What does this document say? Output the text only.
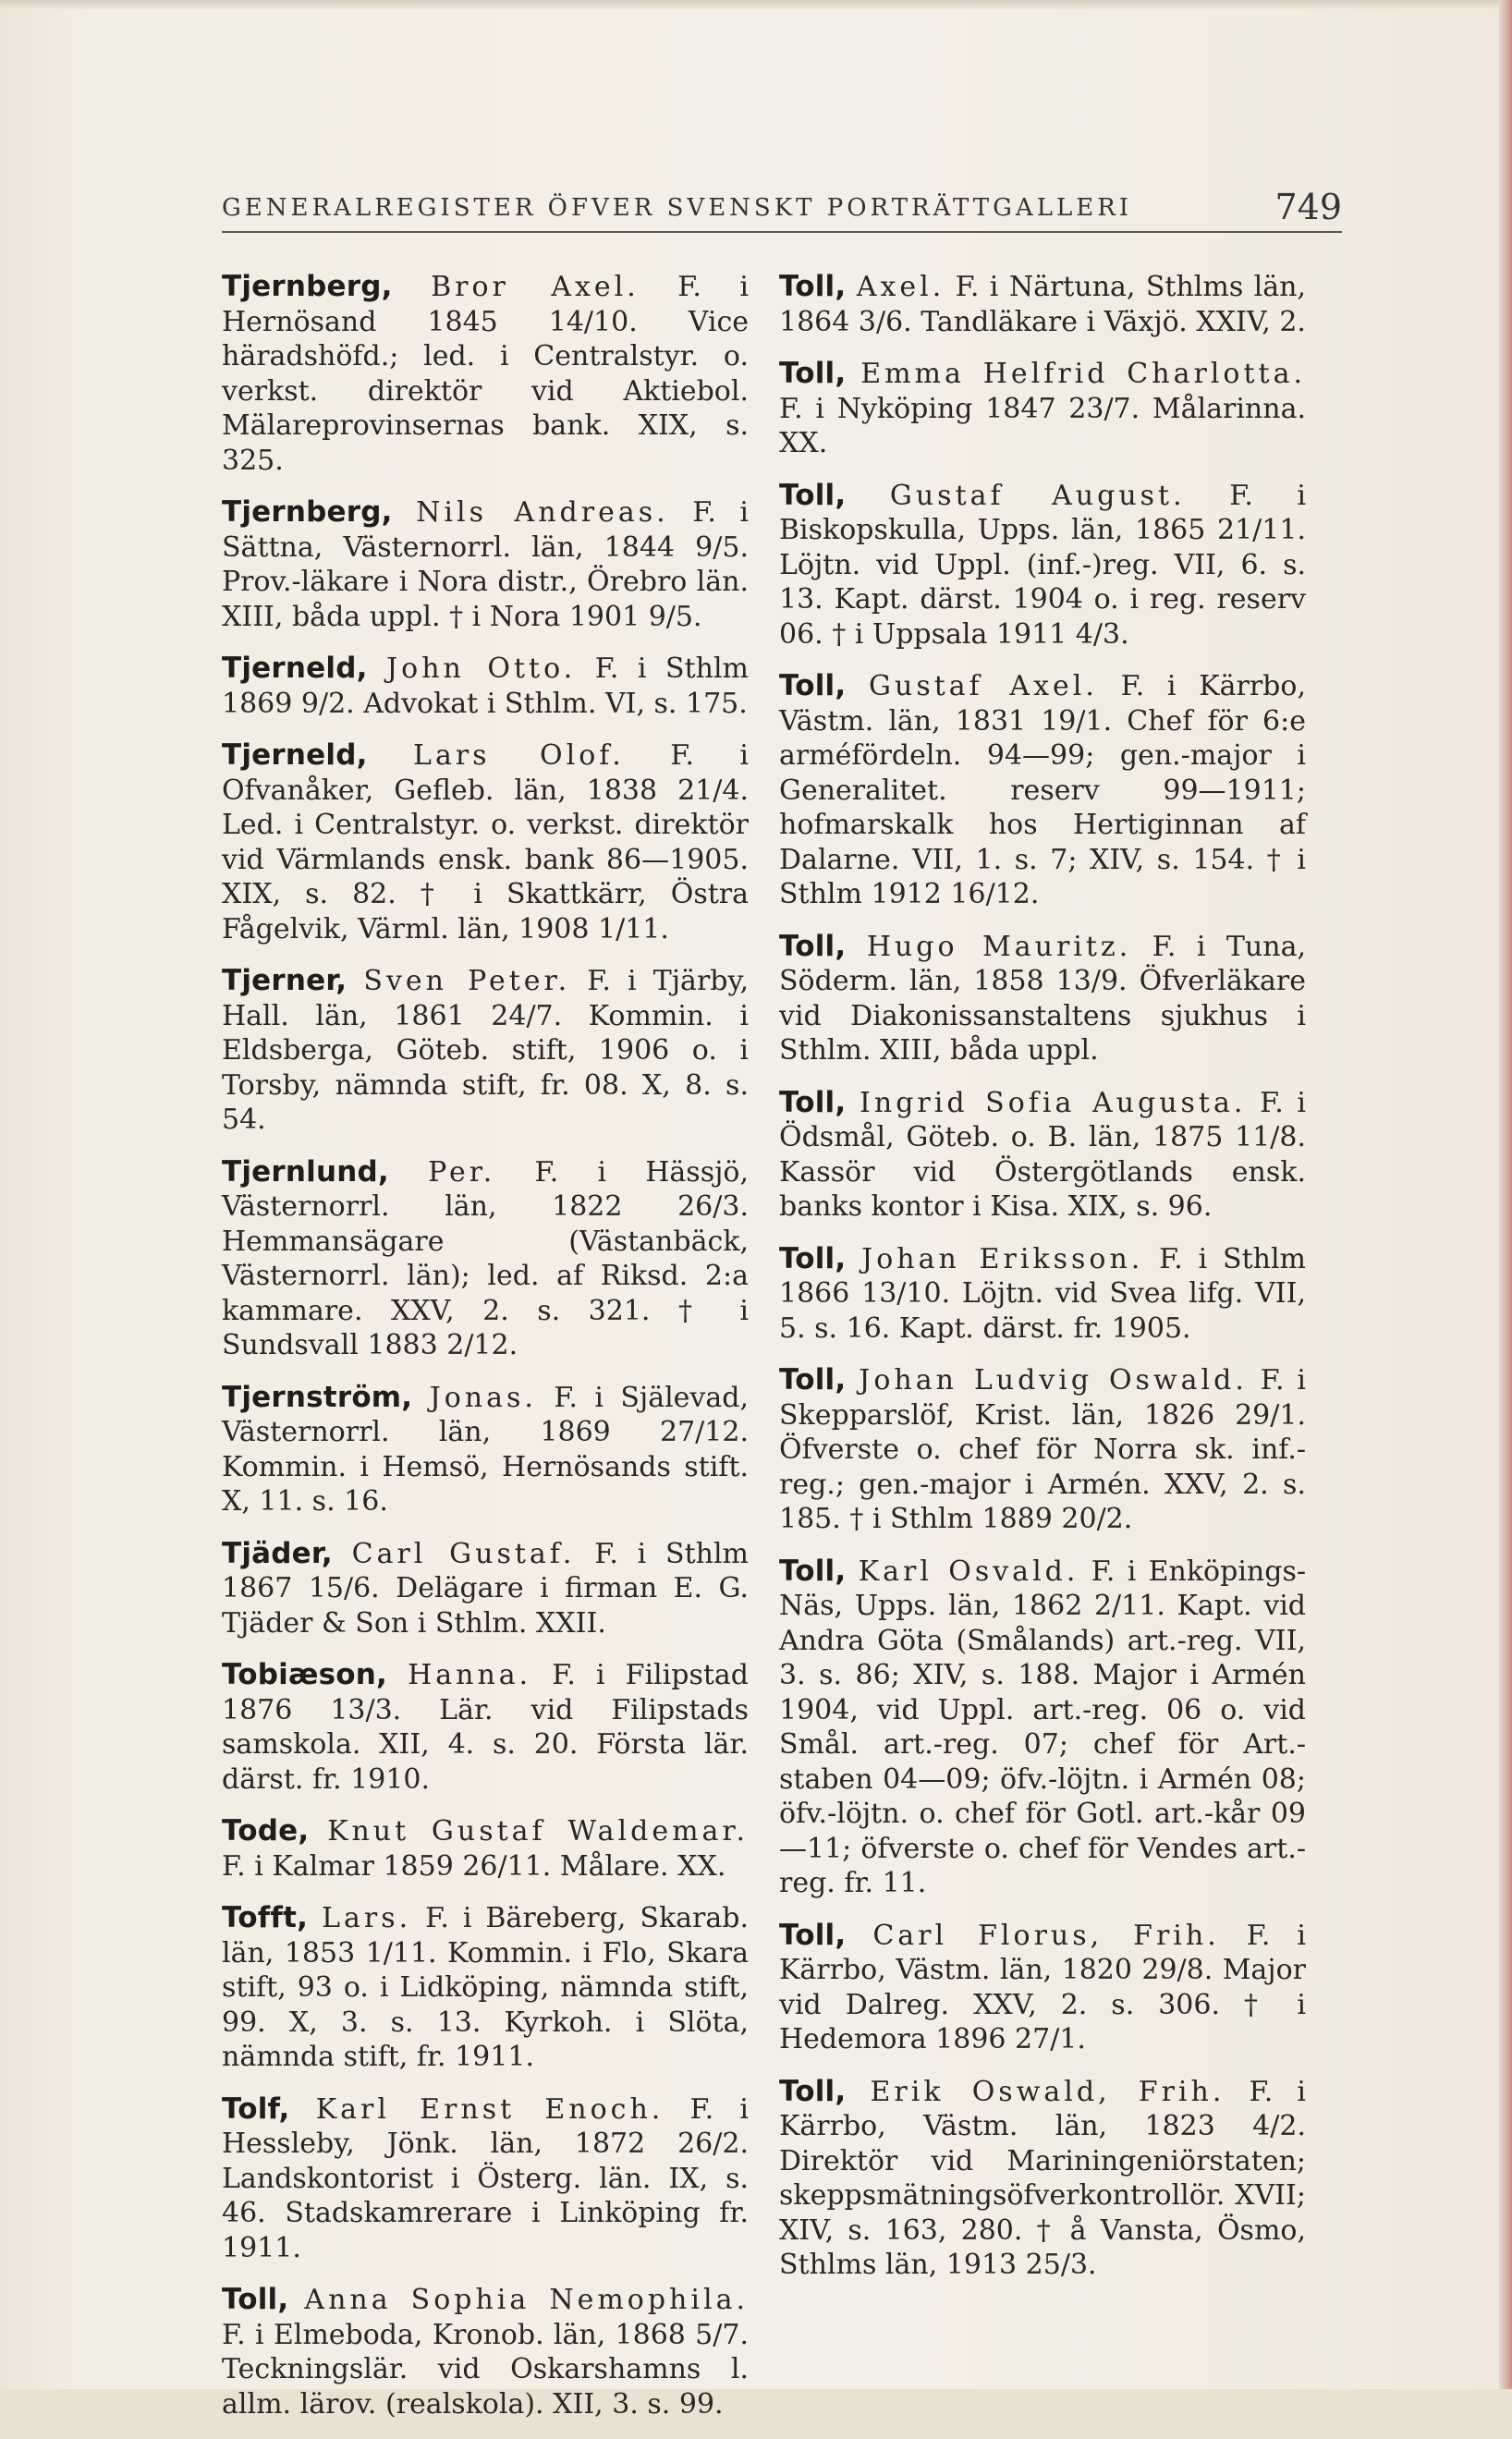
GENERALREGISTER ÖFVER SVENSKT PORTRÄTTGALLERI	749

Tjernberg, Bror Axel. F. i Hernösand 1845 14/10. Vice häradshöfd.; led. i Centralstyr. o. verkst. direktör vid Aktiebol. Mälareprovinsernas bank. XIX, s. 325.

Tjernberg, Nils Andreas. F. i Sättna, Västernorrl. län, 1844 9/5. Prov.-läkare i Nora distr., Örebro län. XIII, båda uppl. † i Nora 1901 9/5.

Tjerneld, John Otto. F. i Sthlm 1869 9/2. Advokat i Sthlm. VI, s. 175.

Tjerneld, Lars Olof. F. i Ofvanåker, Gefleb. län, 1838 21/4. Led. i Centralstyr. o. verkst. direktör vid Värmlands ensk. bank 86—1905. XIX, s. 82. † i Skattkärr, Östra Fågelvik, Värml. län, 1908 1/11.

Tjerner, Sven Peter. F. i Tjärby, Hall. län, 1861 24/7. Kommin. i Eldsberga, Göteb. stift, 1906 o. i Torsby, nämnda stift, fr. 08. X, 8. s. 54.

Tjernlund, Per. F. i Hässjö, Västernorrl. län, 1822 26/3. Hemmansägare (Västanbäck, Västernorrl. län); led. af Riksd. 2:a kammare. XXV, 2. s. 321. † i Sundsvall 1883 2/12.

Tjernström, Jonas. F. i Själevad, Västernorrl. län, 1869 27/12. Kommin. i Hemsö, Hernösands stift. X, 11. s. 16.

Tjäder, Carl Gustaf. F. i Sthlm 1867 15/6. Delägare i firman E. G. Tjäder & Son i Sthlm. XXII.

Tobiæson, Hanna. F. i Filipstad 1876 13/3. Lär. vid Filipstads samskola. XII, 4. s. 20. Första lär. därst. fr. 1910.

Tode, Knut Gustaf Waldemar. F. i Kalmar 1859 26/11. Målare. XX.

Tofft, Lars. F. i Bäreberg, Skarab. län, 1853 1/11. Kommin. i Flo, Skara stift, 93 o. i Lidköping, nämnda stift, 99. X, 3. s. 13. Kyrkoh. i Slöta, nämnda stift, fr. 1911.

Tolf, Karl Ernst Enoch. F. i Hessleby, Jönk. län, 1872 26/2. Landskontorist i Österg. län. IX, s. 46. Stadskamrerare i Linköping fr. 1911.

Toll, Anna Sophia Nemophila. F. i Elmeboda, Kronob. län, 1868 5/7. Teckningslär. vid Oskarshamns l. allm. lärov. (realskola). XII, 3. s. 99.

Toll, Axel. F. i Närtuna, Sthlms län, 1864 3/6. Tandläkare i Växjö. XXIV, 2.

Toll, Emma Helfrid Charlotta. F. i Nyköping 1847 23/7. Målarinna. XX.

Toll, Gustaf August. F. i Biskopskulla, Upps. län, 1865 21/11. Löjtn. vid Uppl. (inf.-)reg. VII, 6. s. 13. Kapt. därst. 1904 o. i reg. reserv 06. † i Uppsala 1911 4/3.

Toll, Gustaf Axel. F. i Kärrbo, Västm. län, 1831 19/1. Chef för 6:e arméfördeln. 94—99; gen.-major i Generalitet. reserv 99—1911; hofmarskalk hos Hertiginnan af Dalarne. VII, 1. s. 7; XIV, s. 154. † i Sthlm 1912 16/12.

Toll, Hugo Mauritz. F. i Tuna, Söderm. län, 1858 13/9. Öfverläkare vid Diakonissanstaltens sjukhus i Sthlm. XIII, båda uppl.

Toll, Ingrid Sofia Augusta. F. i Ödsmål, Göteb. o. B. län, 1875 11/8. Kassör vid Östergötlands ensk. banks kontor i Kisa. XIX, s. 96.

Toll, Johan Eriksson. F. i Sthlm 1866 13/10. Löjtn. vid Svea lifg. VII, 5. s. 16. Kapt. därst. fr. 1905.

Toll, Johan Ludvig Oswald. F. i Skepparslöf, Krist. län, 1826 29/1. Öfverste o. chef för Norra sk. inf.-reg.; gen.-major i Armén. XXV, 2. s. 185. † i Sthlm 1889 20/2.

Toll, Karl Osvald. F. i Enköpings-Näs, Upps. län, 1862 2/11. Kapt. vid Andra Göta (Smålands) art.-reg. VII, 3. s. 86; XIV, s. 188. Major i Armén 1904, vid Uppl. art.-reg. 06 o. vid Smål. art.-reg. 07; chef för Art.-staben 04—09; öfv.-löjtn. i Armén 08; öfv.-löjtn. o. chef för Gotl. art.-kår 09—11; öfverste o. chef för Vendes art.-reg. fr. 11.

Toll, Carl Florus, Frih. F. i Kärrbo, Västm. län, 1820 29/8. Major vid Dalreg. XXV, 2. s. 306. † i Hedemora 1896 27/1.

Toll, Erik Oswald, Frih. F. i Kärrbo, Västm. län, 1823 4/2. Direktör vid Mariningeniörstaten; skeppsmätningsöfverkontrollör. XVII; XIV, s. 163, 280. † å Vansta, Ösmo, Sthlms län, 1913 25/3.
